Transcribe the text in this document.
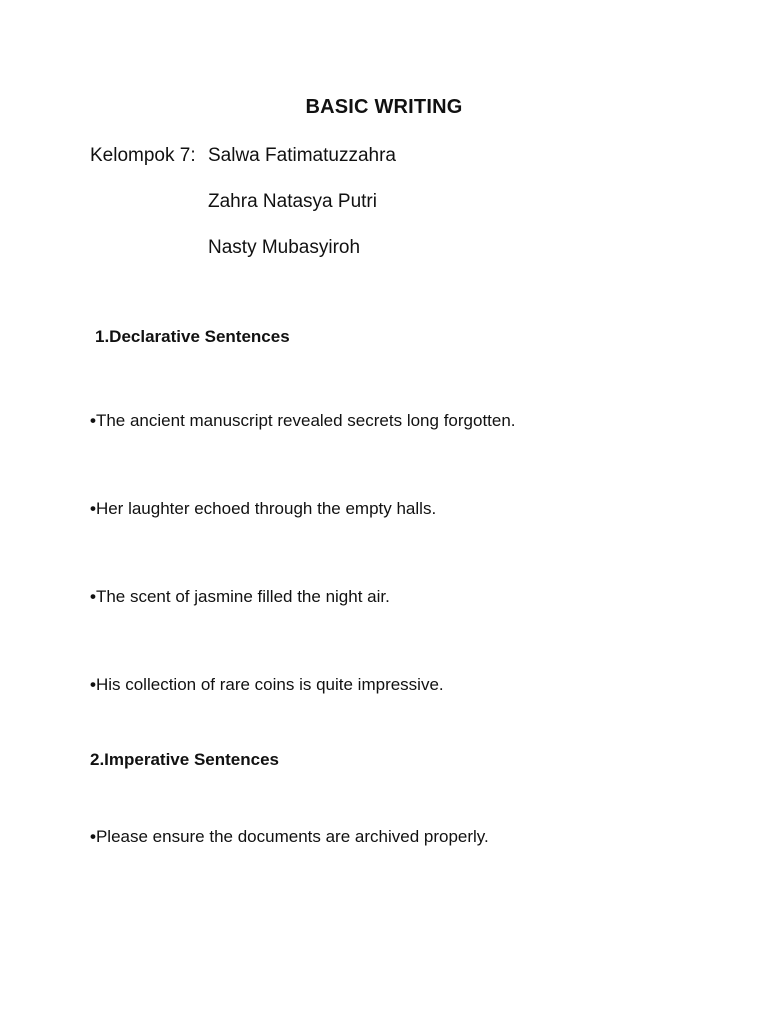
BASIC WRITING
Kelompok 7: Salwa Fatimatuzzahra
Zahra Natasya Putri
Nasty Mubasyiroh
1.Declarative Sentences
•The ancient manuscript revealed secrets long forgotten.
•Her laughter echoed through the empty halls.
•The scent of jasmine filled the night air.
•His collection of rare coins is quite impressive.
2.Imperative Sentences
•Please ensure the documents are archived properly.
